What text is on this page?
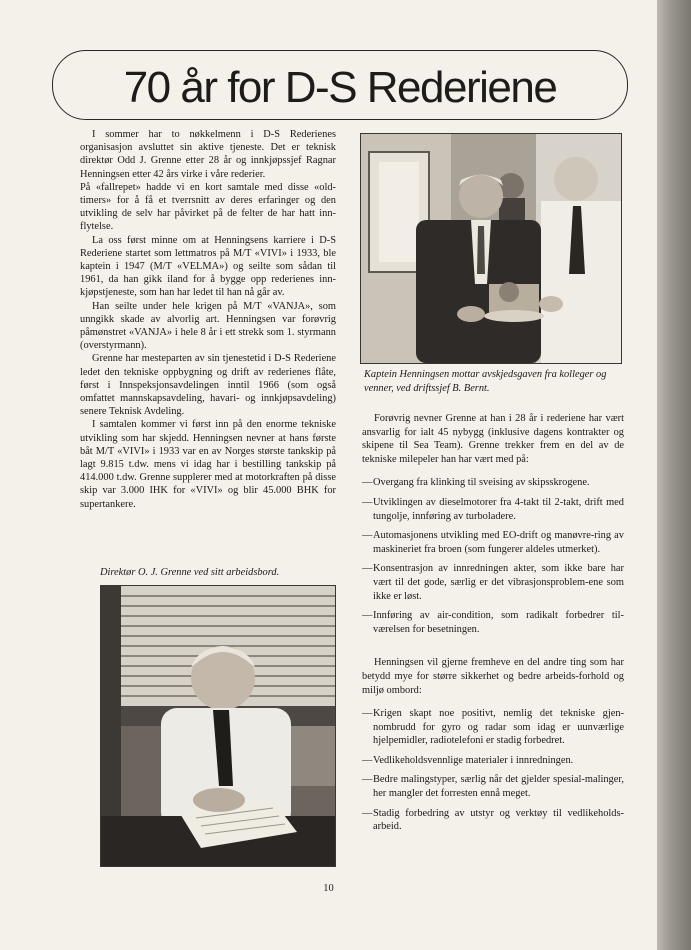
70 år for D-S Rederiene

I sommer har to nøkkelmenn i D-S Rederienes organisasjon avsluttet sin aktive tjeneste. Det er teknisk direktør Odd J. Grenne etter 28 år og innkjøpssjef Ragnar Henningsen etter 42 års virke i våre rederier.

På «fallrepet» hadde vi en kort samtale med disse «old-timers» for å få et tverrsnitt av deres erfaringer og den utvikling de selv har påvirket på de felter de har hatt inn-flytelse.

La oss først minne om at Henningsens karriere i D-S Rederiene startet som lettmatros på M/T «VIVI» i 1933, ble kaptein i 1947 (M/T «VELMA») og seilte som sådan til 1961, da han gikk iland for å bygge opp rederienes inn-kjøpstjeneste, som han har ledet til han nå går av.

Han seilte under hele krigen på M/T «VANJA», som unngikk skade av alvorlig art. Henningsen var forøvrig påmønstret «VANJA» i hele 8 år i ett strekk som 1. styrmann (overstyrmann).

Grenne har mesteparten av sin tjenestetid i D-S Rederiene ledet den tekniske oppbygning og drift av rederienes flåte, først i Innspeksjonsavdelingen inntil 1966 (som også omfattet mannskapsavdeling, havari- og innkjøpsavdeling) senere Teknisk Avdeling.

I samtalen kommer vi først inn på den enorme tekniske utvikling som har skjedd. Henningsen nevner at hans første båt M/T «VIVI» i 1933 var en av Norges største tankskip på lagt 9.815 t.dw. mens vi idag har i bestilling tankskip på 414.000 t.dw. Grenne supplerer med at motorkraften på disse skip var 3.000 IHK for «VIVI» og blir 45.000 BHK for supertankere.

Kaptein Henningsen mottar avskjedsgaven fra kolleger og venner, ved driftssjef B. Bernt.
Direktør O. J. Grenne ved sitt arbeidsbord.

Forøvrig nevner Grenne at han i 28 år i rederiene har vært ansvarlig for ialt 45 nybygg (inklusive dagens kontrakter og skipene til Sea Team). Grenne trekker frem en del av de tekniske milepeler han har vært med på:

— Overgang fra klinking til sveising av skipsskrogene.
— Utviklingen av dieselmotorer fra 4-takt til 2-takt, drift med tungolje, innføring av turboladere.
— Automasjonens utvikling med EO-drift og manøvre-ring av maskineriet fra broen (som fungerer aldeles utmerket).
— Konsentrasjon av innredningen akter, som ikke bare har vært til det gode, særlig er det vibrasjonsproblem-ene som ikke er løst.
— Innføring av air-condition, som radikalt forbedrer til-værelsen for besetningen.

Henningsen vil gjerne fremheve en del andre ting som har betydd mye for større sikkerhet og bedre arbeids-forhold og miljø ombord:

— Krigen skapt noe positivt, nemlig det tekniske gjen-nombrudd for gyro og radar som idag er uunværlige hjelpemidler, radiotelefoni er stadig forbedret.
— Vedlikeholdsvennlige materialer i innredningen.
— Bedre malingstyper, særlig når det gjelder spesial-malinger, her mangler det forresten ennå meget.
— Stadig forbedring av utstyr og verktøy til vedlikeholds-arbeid.
10
